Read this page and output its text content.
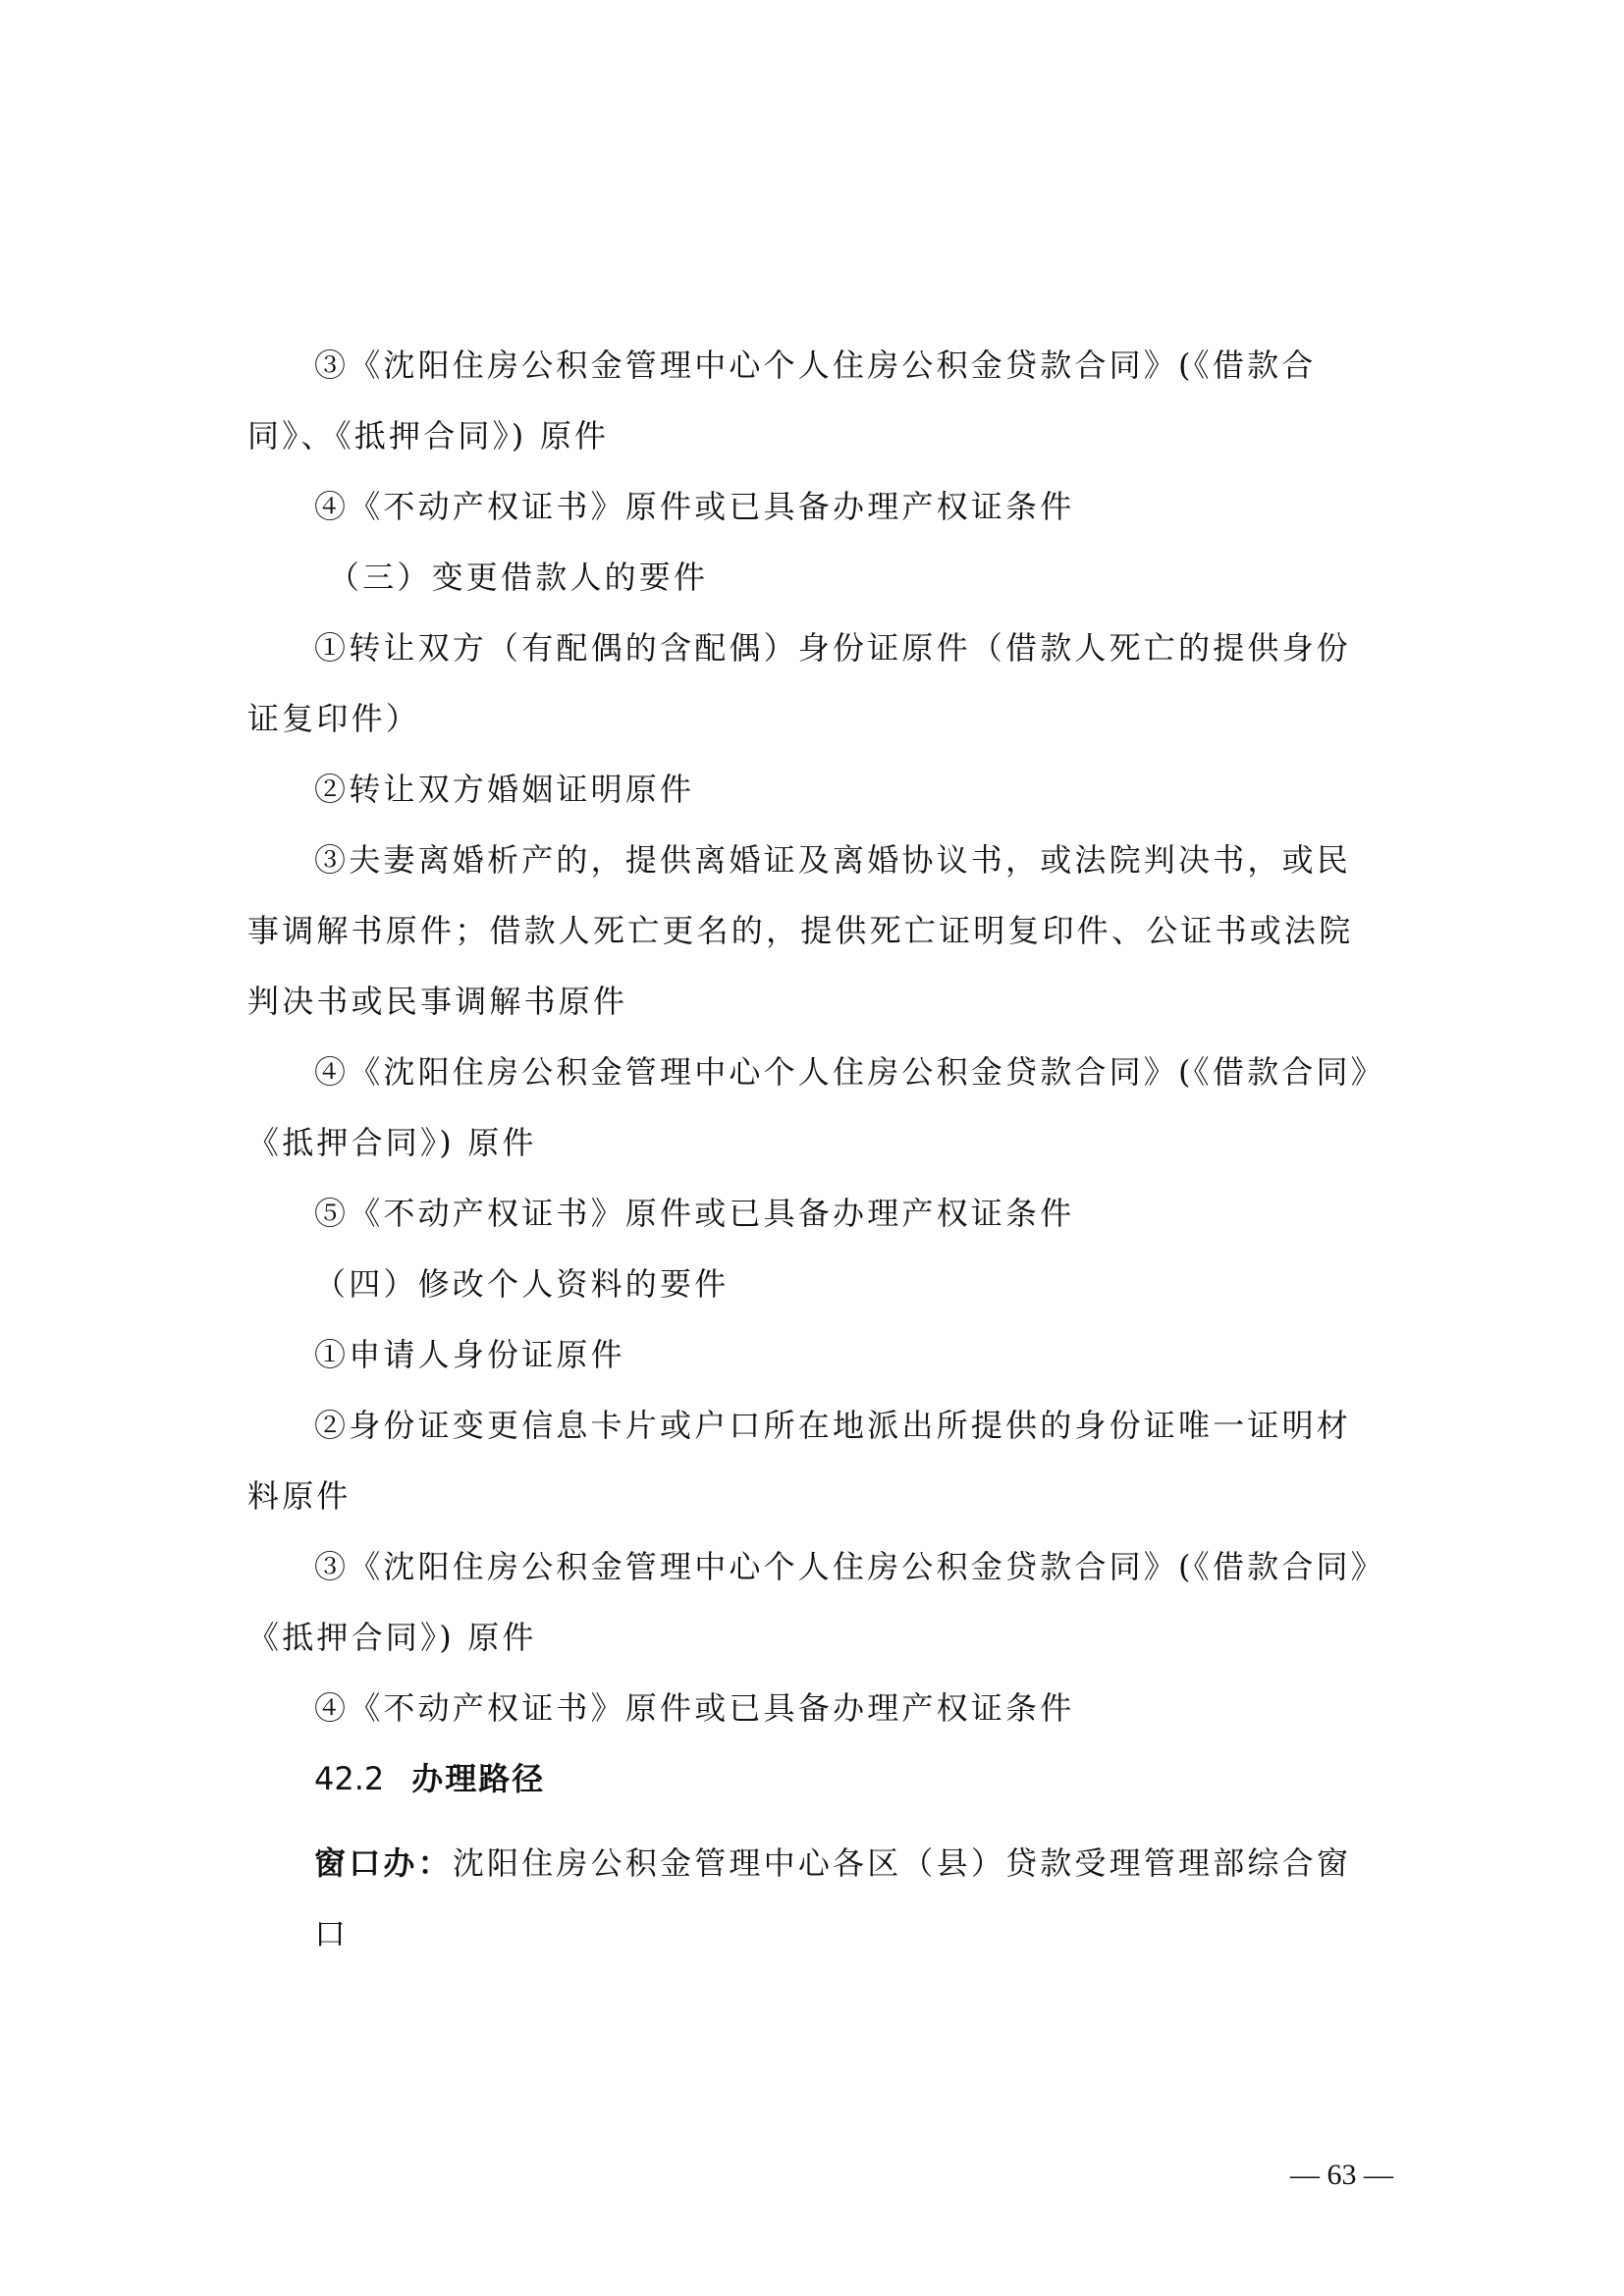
③《沈阳住房公积金管理中心个人住房公积金贷款合同》(《借款合同》、《抵押合同》) 原件

④《不动产权证书》原件或已具备办理产权证条件

（三）变更借款人的要件

①转让双方（有配偶的含配偶）身份证原件（借款人死亡的提供身份证复印件）

②转让双方婚姻证明原件

③夫妻离婚析产的，提供离婚证及离婚协议书，或法院判决书，或民事调解书原件；借款人死亡更名的，提供死亡证明复印件、公证书或法院判决书或民事调解书原件

④《沈阳住房公积金管理中心个人住房公积金贷款合同》(《借款合同》《抵押合同》) 原件

⑤《不动产权证书》原件或已具备办理产权证条件

（四）修改个人资料的要件

①申请人身份证原件

②身份证变更信息卡片或户口所在地派出所提供的身份证唯一证明材料原件

③《沈阳住房公积金管理中心个人住房公积金贷款合同》(《借款合同》《抵押合同》) 原件

④《不动产权证书》原件或已具备办理产权证条件

42.2 办理路径

窗口办：沈阳住房公积金管理中心各区（县）贷款受理管理部综合窗口

— 63 —
